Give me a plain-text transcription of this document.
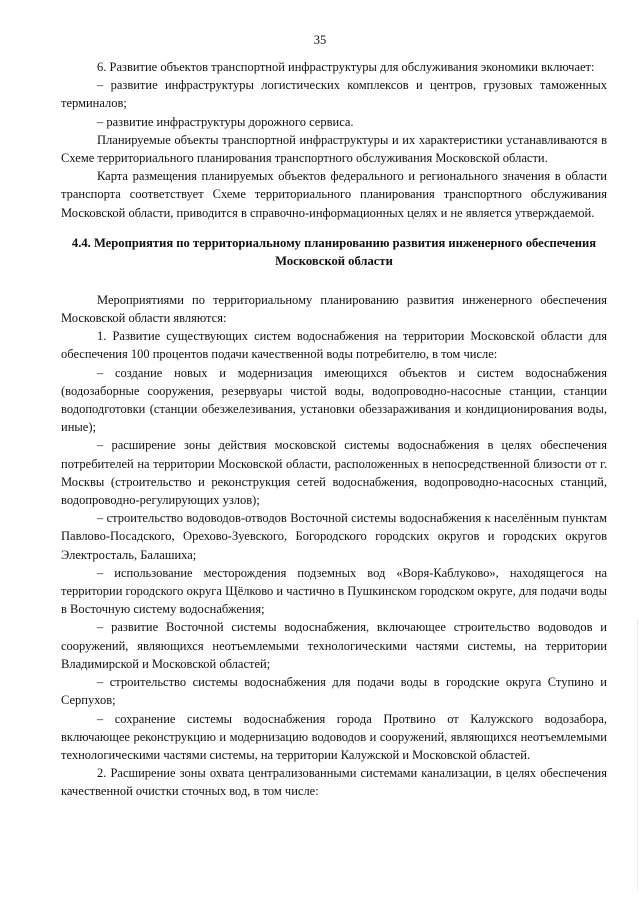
35

6. Развитие объектов транспортной инфраструктуры для обслуживания экономики включает:

– развитие инфраструктуры логистических комплексов и центров, грузовых таможенных терминалов;

– развитие инфраструктуры дорожного сервиса.

Планируемые объекты транспортной инфраструктуры и их характеристики устанавливаются в Схеме территориального планирования транспортного обслуживания Московской области.

Карта размещения планируемых объектов федерального и регионального значения в области транспорта соответствует Схеме территориального планирования транспортного обслуживания Московской области, приводится в справочно-информационных целях и не является утверждаемой.

4.4. Мероприятия по территориальному планированию развития инженерного обеспечения

Московской области

Мероприятиями по территориальному планированию развития инженерного обеспечения Московской области являются:

1. Развитие существующих систем водоснабжения на территории Московской области для обеспечения 100 процентов подачи качественной воды потребителю, в том числе:

– создание новых и модернизация имеющихся объектов и систем водоснабжения (водозаборные сооружения, резервуары чистой воды, водопроводно-насосные станции, станции водоподготовки (станции обезжелезивания, установки обеззараживания и кондиционирования воды, иные);

– расширение зоны действия московской системы водоснабжения в целях обеспечения потребителей на территории Московской области, расположенных в непосредственной близости от г. Москвы (строительство и реконструкция сетей водоснабжения, водопроводно-насосных станций, водопроводно-регулирующих узлов);

– строительство водоводов-отводов Восточной системы водоснабжения к населённым пунктам Павлово-Посадского, Орехово-Зуевского, Богородского городских округов и городских округов Электросталь, Балашиха;

– использование месторождения подземных вод «Воря-Каблуково», находящегося на территории городского округа Щёлково и частично в Пушкинском городском округе, для подачи воды в Восточную систему водоснабжения;

– развитие Восточной системы водоснабжения, включающее строительство водоводов и сооружений, являющихся неотъемлемыми технологическими частями системы, на территории Владимирской и Московской областей;

– строительство системы водоснабжения для подачи воды в городские округа Ступино и Серпухов;

– сохранение системы водоснабжения города Протвино от Калужского водозабора, включающее реконструкцию и модернизацию водоводов и сооружений, являющихся неотъемлемыми технологическими частями системы, на территории Калужской и Московской областей.

2. Расширение зоны охвата централизованными системами канализации, в целях обеспечения качественной очистки сточных вод, в том числе:
